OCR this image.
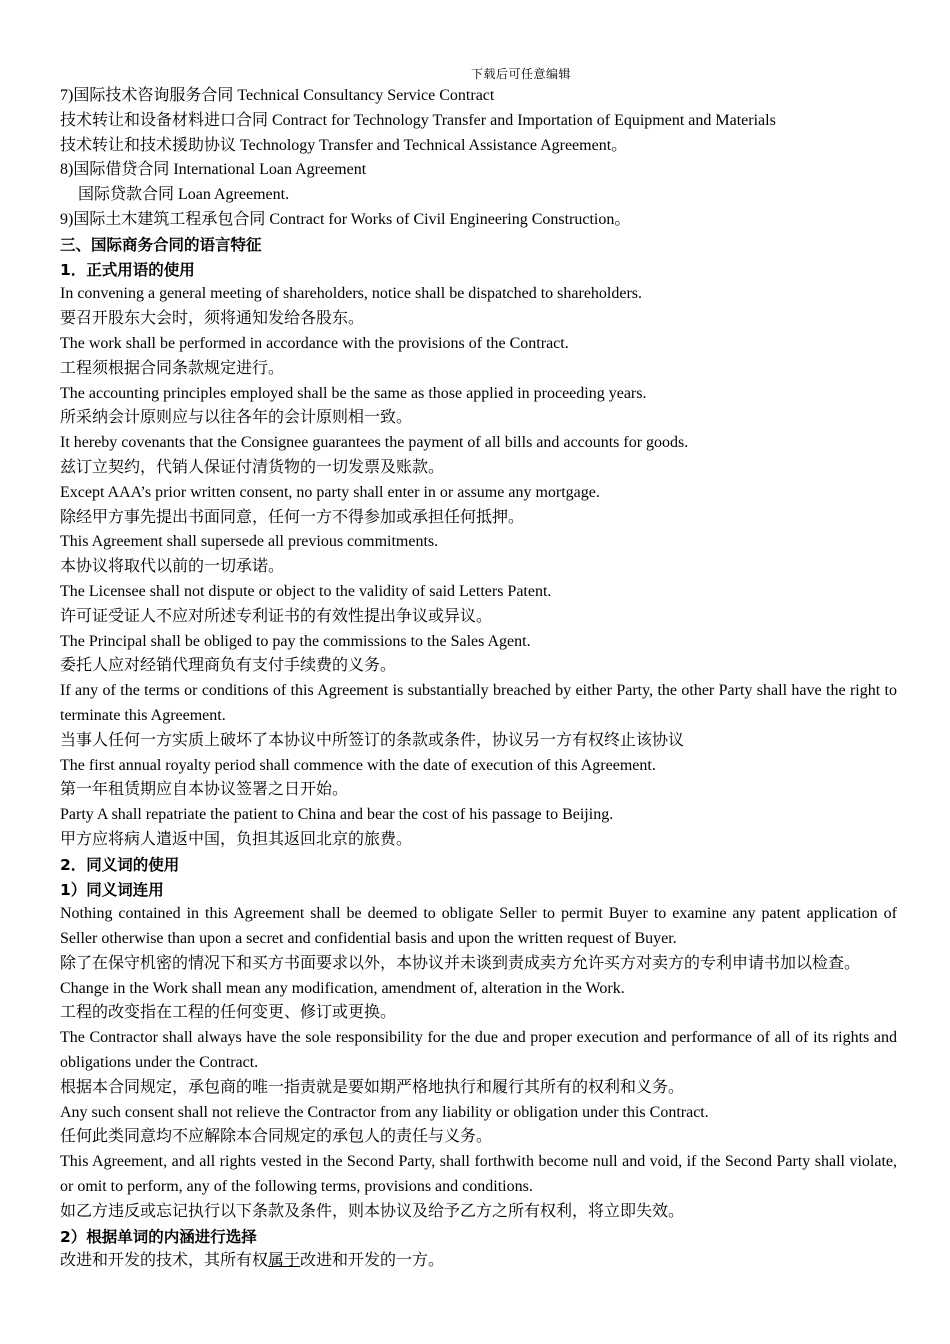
下载后可任意编辑

7)国际技术咨询服务合同 Technical Consultancy Service Contract

技术转让和设备材料进口合同 Contract for Technology Transfer and Importation of Equipment and Materials

技术转让和技术援助协议 Technology Transfer and Technical Assistance Agreement。

8)国际借贷合同 International Loan Agreement

国际贷款合同 Loan Agreement.

9)国际土木建筑工程承包合同 Contract for Works of Civil Engineering Construction。

三、国际商务合同的语言特征

1．正式用语的使用

In convening a general meeting of shareholders, notice shall be dispatched to shareholders.

要召开股东大会时，须将通知发给各股东。

The work shall be performed in accordance with the provisions of the Contract.

工程须根据合同条款规定进行。

The accounting principles employed shall be the same as those applied in proceeding years.

所采纳会计原则应与以往各年的会计原则相一致。

It hereby covenants that the Consignee guarantees the payment of all bills and accounts for goods.

兹订立契约，代销人保证付清货物的一切发票及账款。

Except AAA’s prior written consent, no party shall enter in or assume any mortgage.

除经甲方事先提出书面同意，任何一方不得参加或承担任何抵押。

This Agreement shall supersede all previous commitments.

本协议将取代以前的一切承诺。

The Licensee shall not dispute or object to the validity of said Letters Patent.

许可证受证人不应对所述专利证书的有效性提出争议或异议。

The Principal shall be obliged to pay the commissions to the Sales Agent.

委托人应对经销代理商负有支付手续费的义务。

If any of the terms or conditions of this Agreement is substantially breached by either Party, the other Party shall have the right to terminate this Agreement.

当事人任何一方实质上破坏了本协议中所签订的条款或条件，协议另一方有权终止该协议

The first annual royalty period shall commence with the date of execution of this Agreement.

第一年租赁期应自本协议签署之日开始。

Party A shall repatriate the patient to China and bear the cost of his passage to Beijing.

甲方应将病人遣返中国，负担其返回北京的旅费。

2．同义词的使用

1）同义词连用

Nothing contained in this Agreement shall be deemed to obligate Seller to permit Buyer to examine any patent application of Seller otherwise than upon a secret and confidential basis and upon the written request of Buyer.

除了在保守机密的情况下和买方书面要求以外，本协议并未谈到责成卖方允许买方对卖方的专利申请书加以检查。

Change in the Work shall mean any modification, amendment of, alteration in the Work.

工程的改变指在工程的任何变更、修订或更换。

The Contractor shall always have the sole responsibility for the due and proper execution and performance of all of its rights and obligations under the Contract.

根据本合同规定，承包商的唯一指责就是要如期严格地执行和履行其所有的权利和义务。

Any such consent shall not relieve the Contractor from any liability or obligation under this Contract.

任何此类同意均不应解除本合同规定的承包人的责任与义务。

This Agreement, and all rights vested in the Second Party, shall forthwith become null and void, if the Second Party shall violate, or omit to perform, any of the following terms, provisions and conditions.

如乙方违反或忘记执行以下条款及条件，则本协议及给予乙方之所有权利，将立即失效。

2）根据单词的内涵进行选择

改进和开发的技术，其所有权属于改进和开发的一方。
